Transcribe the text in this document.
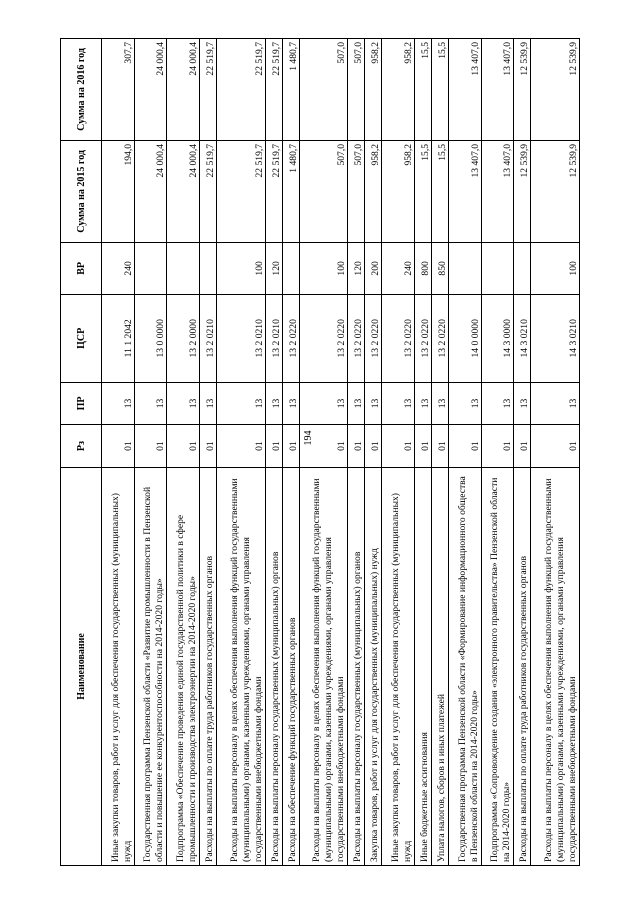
194
Наименование	Рз	ПР	ЦСР	ВР	Сумма на 2015 год	Сумма на 2016 год
Иные закупки товаров, работ и услуг для обеспечения государственных (муниципальных) нужд	01	13	11 1 2042	240	194,0	307,7
Государственная программа Пензенской области «Развитие промышленности в Пензенской области и повышение ее конкурентоспособности на 2014-2020 годы»	01	13	13 0 0000		24 000,4	24 000,4
Подпрограмма «Обеспечение проведения единой государственной политики в сфере промышленности и производства электроэнергии на 2014-2020 годы»	01	13	13 2 0000		24 000,4	24 000,4
Расходы на выплаты по оплате труда работников государственных органов	01	13	13 2 0210		22 519,7	22 519,7
Расходы на выплаты персоналу в целях обеспечения выполнения функций государственными (муниципальными) органами, казенными учреждениями, органами управления государственными внебюджетными фондами	01	13	13 2 0210	100	22 519,7	22 519,7
Расходы на выплаты персоналу государственных (муниципальных) органов	01	13	13 2 0210	120	22 519,7	22 519,7
Расходы на обеспечение функций государственных органов	01	13	13 2 0220		1 480,7	1 480,7
Расходы на выплаты персоналу в целях обеспечения выполнения функций государственными (муниципальными) органами, казенными учреждениями, органами управления государственными внебюджетными фондами	01	13	13 2 0220	100	507,0	507,0
Расходы на выплаты персоналу государственных (муниципальных) органов	01	13	13 2 0220	120	507,0	507,0
Закупка товаров, работ и услуг для государственных (муниципальных) нужд	01	13	13 2 0220	200	958,2	958,2
Иные закупки товаров, работ и услуг для обеспечения государственных (муниципальных) нужд	01	13	13 2 0220	240	958,2	958,2
Иные бюджетные ассигнования	01	13	13 2 0220	800	15,5	15,5
Уплата налогов, сборов и иных платежей	01	13	13 2 0220	850	15,5	15,5
Государственная программа Пензенской области «Формирование информационного общества в Пензенской области на 2014-2020 годы»	01	13	14 0 0000		13 407,0	13 407,0
Подпрограмма «Сопровождение создания «электронного правительства» Пензенской области на 2014-2020 годы»	01	13	14 3 0000		13 407,0	13 407,0
Расходы на выплаты по оплате труда работников государственных органов	01	13	14 3 0210		12 539,9	12 539,9
Расходы на выплаты персоналу в целях обеспечения выполнения функций государственными (муниципальными) органами, казенными учреждениями, органами управления государственными внебюджетными фондами	01	13	14 3 0210	100	12 539,9	12 539,9
